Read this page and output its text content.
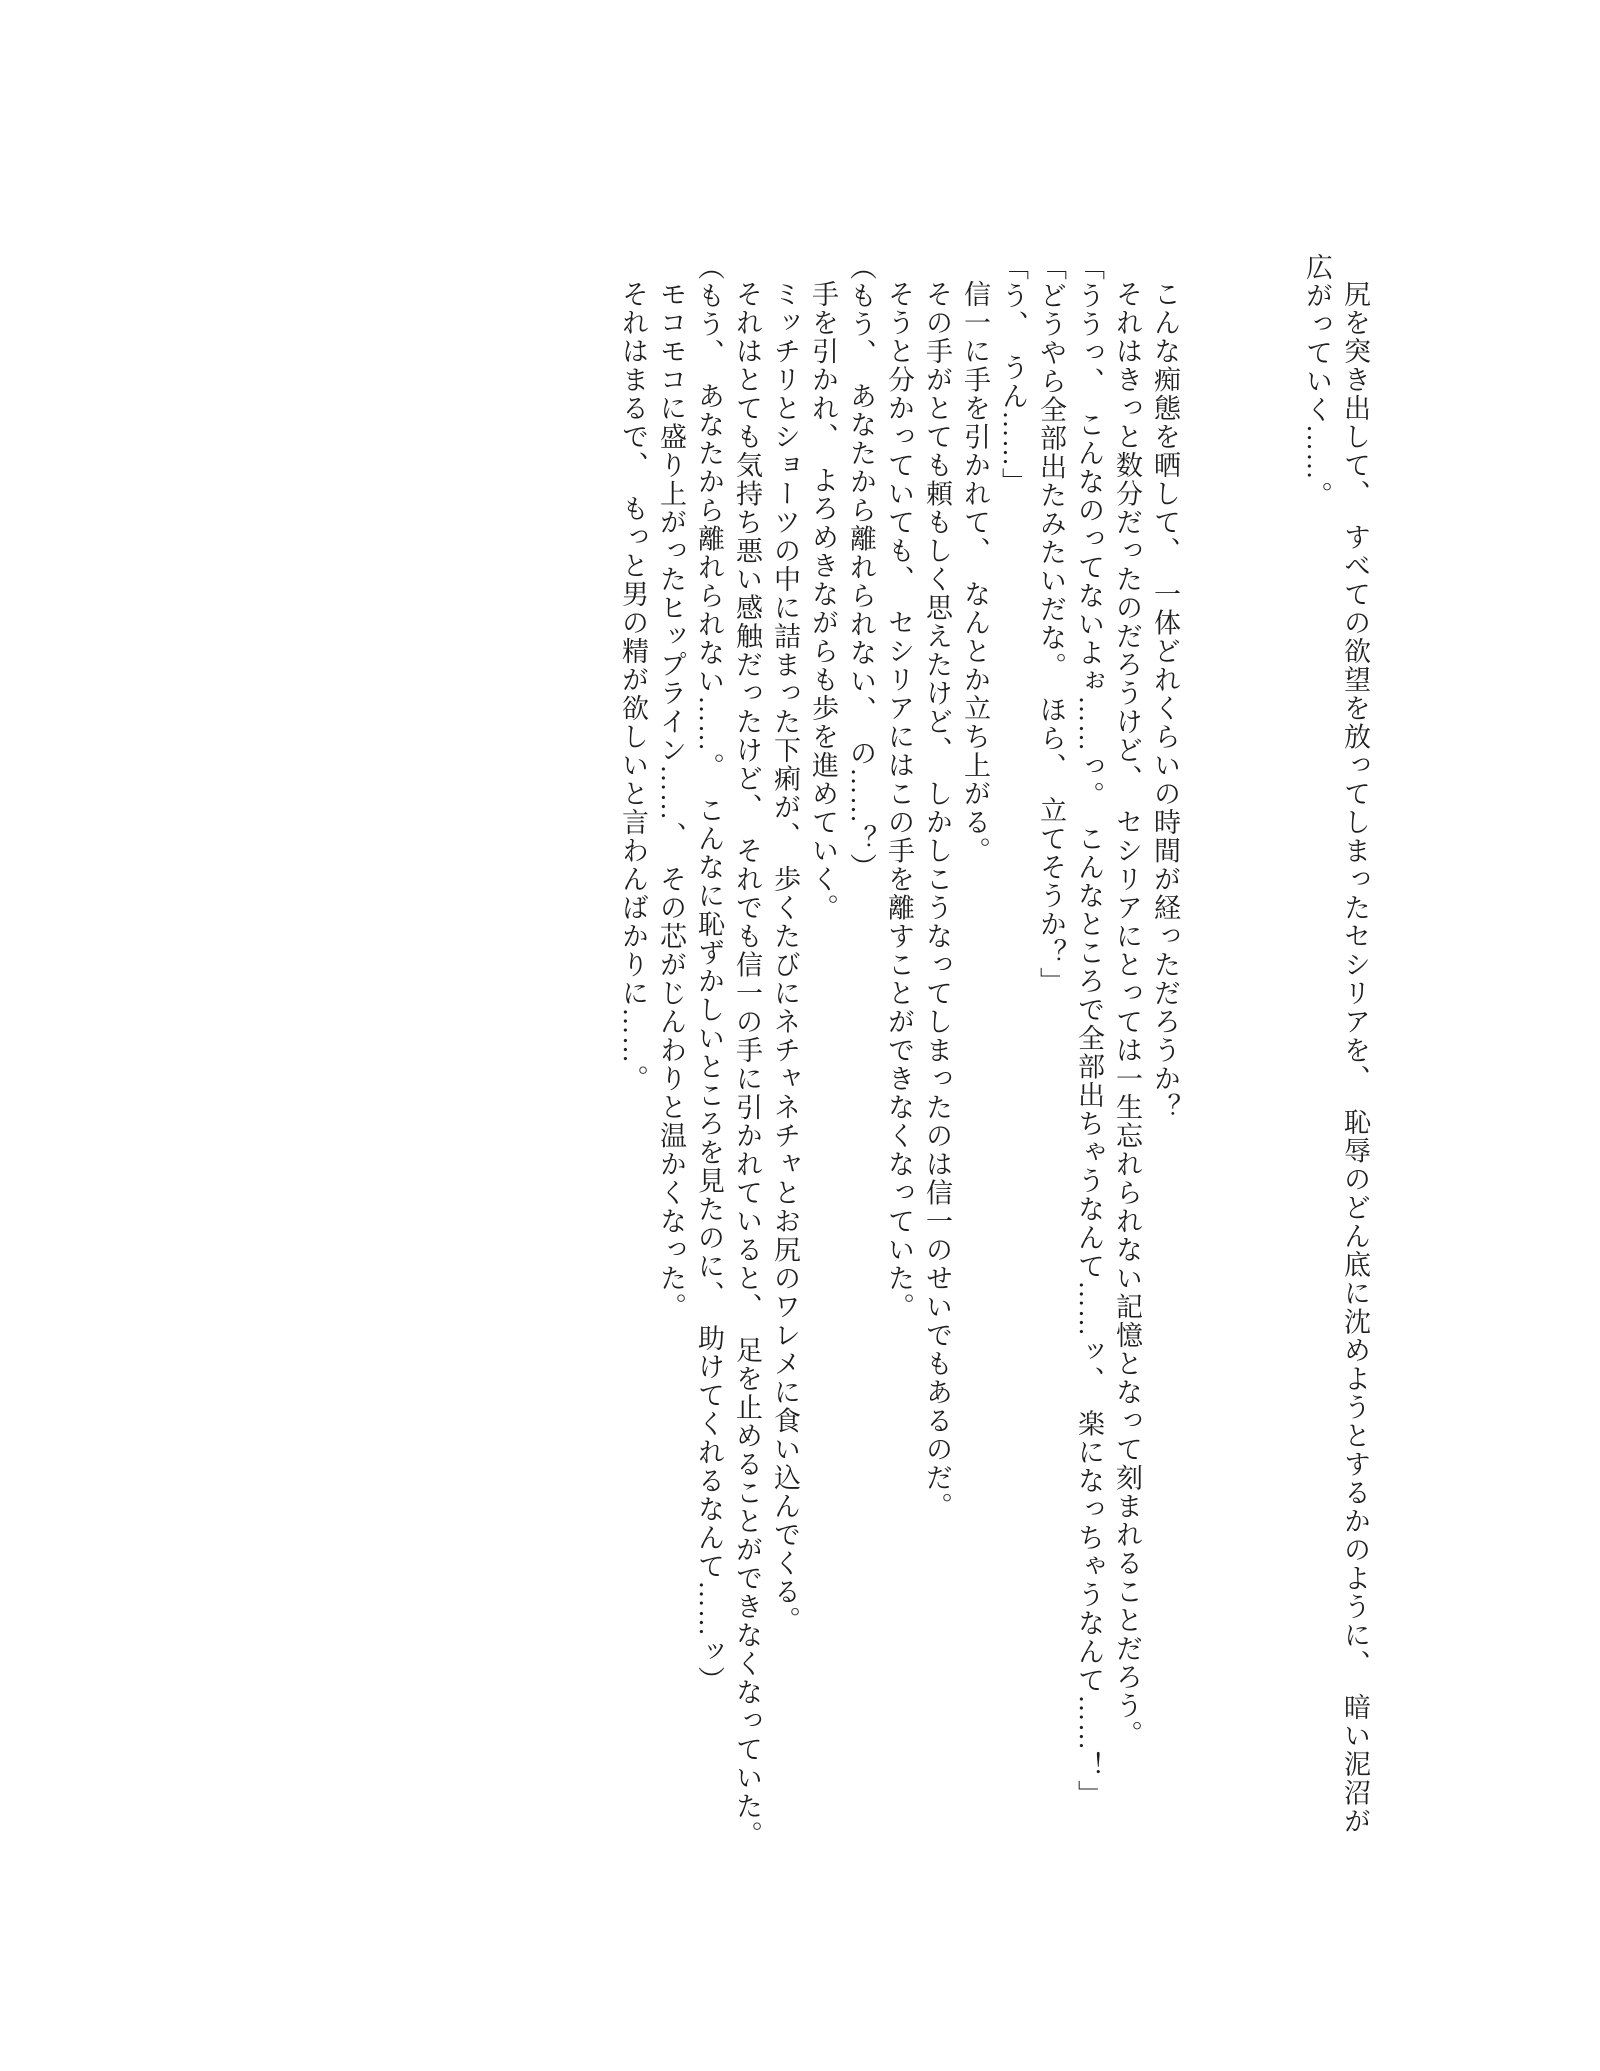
尻を突き出して、　すべての欲望を放ってしまったセシリアを、　恥辱のどん底に沈めようとするかのように、　暗い泥沼が広がっていく……。

こんな痴態を晒して、　一体どれくらいの時間が経っただろうか？

それはきっと数分だったのだろうけど、　セシリアにとっては一生忘れられない記憶となって刻まれることだろう。

「ううっ、　こんなのってないよぉ……っ。　こんなところで全部出ちゃうなんて……ッ、　楽になっちゃうなんて……！」

「どうやら全部出たみたいだな。　ほら、　立てそうか？」

「う、　うん……」

信一に手を引かれて、　なんとか立ち上がる。

その手がとても頼もしく思えたけど、　しかしこうなってしまったのは信一のせいでもあるのだ。

そうと分かっていても、　セシリアにはこの手を離すことができなくなっていた。

（もう、　あなたから離れられない、　の……？）

手を引かれ、　よろめきながらも歩を進めていく。

ミッチリとショーツの中に詰まった下痢が、　歩くたびにネチャネチャとお尻のワレメに食い込んでくる。

それはとても気持ち悪い感触だったけど、　それでも信一の手に引かれていると、　足を止めることができなくなっていた。

（もう、　あなたから離れられない……。　こんなに恥ずかしいところを見たのに、　助けてくれるなんて……ッ）

モコモコに盛り上がったヒップライン……、　その芯がじんわりと温かくなった。

それはまるで、　もっと男の精が欲しいと言わんばかりに……。
